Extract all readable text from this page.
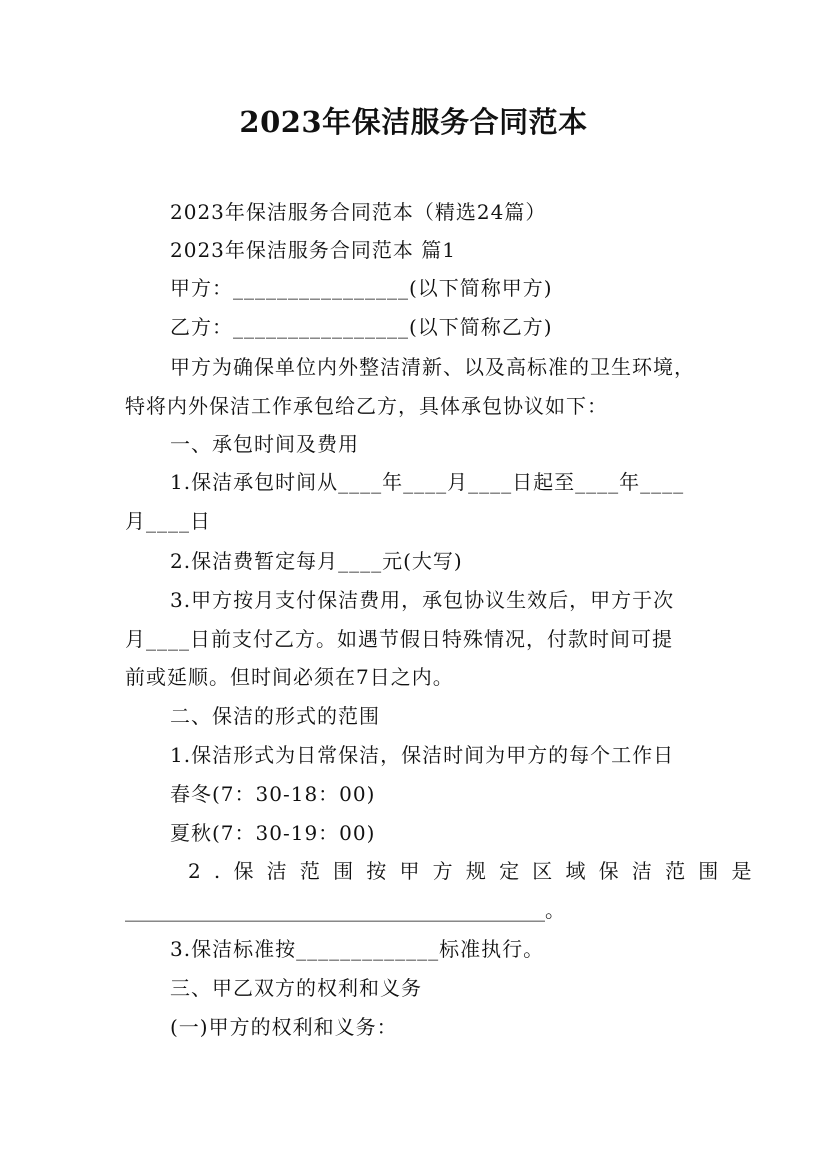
2023年保洁服务合同范本
2023年保洁服务合同范本（精选24篇）
2023年保洁服务合同范本 篇1
甲方：________________(以下简称甲方)
乙方：________________(以下简称乙方)
甲方为确保单位内外整洁清新、以及高标准的卫生环境，
特将内外保洁工作承包给乙方，具体承包协议如下：
一、承包时间及费用
1.保洁承包时间从____年____月____日起至____年____
月____日
2.保洁费暂定每月____元(大写)
3.甲方按月支付保洁费用，承包协议生效后，甲方于次
月____日前支付乙方。如遇节假日特殊情况，付款时间可提
前或延顺。但时间必须在7日之内。
二、保洁的形式的范围
1.保洁形式为日常保洁，保洁时间为甲方的每个工作日
春冬(7：30-18：00)
夏秋(7：30-19：00)
2.保洁范围按甲方规定区域保洁范围是
__________________________________________。
3.保洁标准按_____________标准执行。
三、甲乙双方的权利和义务
(一)甲方的权利和义务：
